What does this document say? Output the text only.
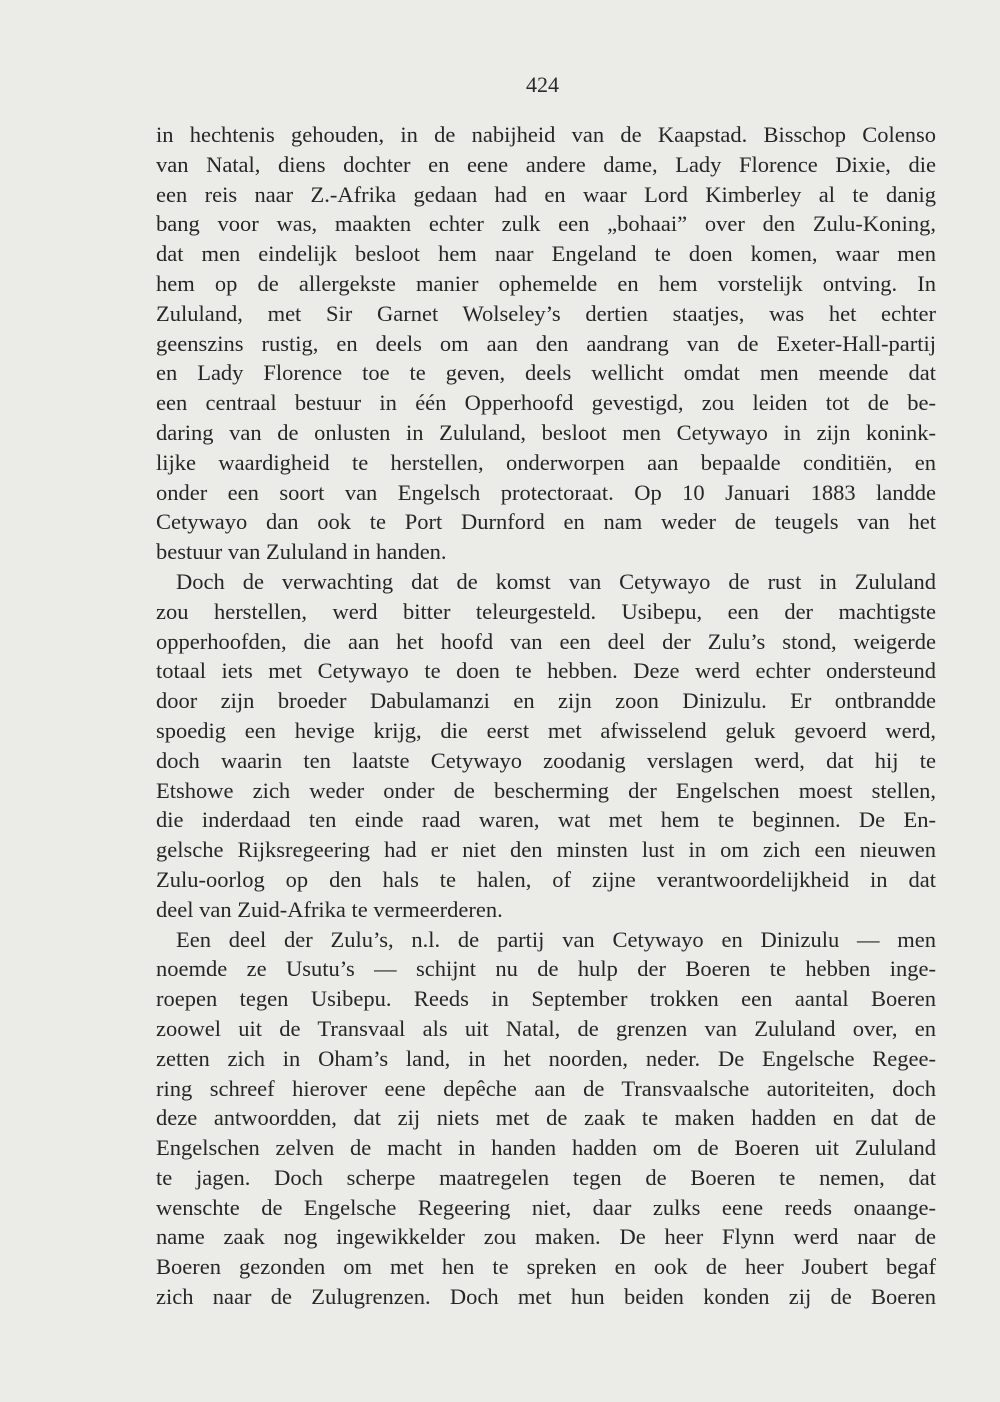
424
in hechtenis gehouden, in de nabijheid van de Kaapstad. Bisschop Colenso
van Natal, diens dochter en eene andere dame, Lady Florence Dixie, die
een reis naar Z.-Afrika gedaan had en waar Lord Kimberley al te danig
bang voor was, maakten echter zulk een „bohaai” over den Zulu-Koning,
dat men eindelijk besloot hem naar Engeland te doen komen, waar men
hem op de allergekste manier ophemelde en hem vorstelijk ontving. In
Zululand, met Sir Garnet Wolseley’s dertien staatjes, was het echter
geenszins rustig, en deels om aan den aandrang van de Exeter-Hall-partij
en Lady Florence toe te geven, deels wellicht omdat men meende dat
een centraal bestuur in één Opperhoofd gevestigd, zou leiden tot de be-
daring van de onlusten in Zululand, besloot men Cetywayo in zijn konink-
lijke waardigheid te herstellen, onderworpen aan bepaalde conditiën, en
onder een soort van Engelsch protectoraat. Op 10 Januari 1883 landde
Cetywayo dan ook te Port Durnford en nam weder de teugels van het
bestuur van Zululand in handen.
Doch de verwachting dat de komst van Cetywayo de rust in Zululand
zou herstellen, werd bitter teleurgesteld. Usibepu, een der machtigste
opperhoofden, die aan het hoofd van een deel der Zulu’s stond, weigerde
totaal iets met Cetywayo te doen te hebben. Deze werd echter ondersteund
door zijn broeder Dabulamanzi en zijn zoon Dinizulu. Er ontbrandde
spoedig een hevige krijg, die eerst met afwisselend geluk gevoerd werd,
doch waarin ten laatste Cetywayo zoodanig verslagen werd, dat hij te
Etshowe zich weder onder de bescherming der Engelschen moest stellen,
die inderdaad ten einde raad waren, wat met hem te beginnen. De En-
gelsche Rijksregeering had er niet den minsten lust in om zich een nieuwen
Zulu-oorlog op den hals te halen, of zijne verantwoordelijkheid in dat
deel van Zuid-Afrika te vermeerderen.
Een deel der Zulu’s, n.l. de partij van Cetywayo en Dinizulu — men
noemde ze Usutu’s — schijnt nu de hulp der Boeren te hebben inge-
roepen tegen Usibepu. Reeds in September trokken een aantal Boeren
zoowel uit de Transvaal als uit Natal, de grenzen van Zululand over, en
zetten zich in Oham’s land, in het noorden, neder. De Engelsche Regee-
ring schreef hierover eene depêche aan de Transvaalsche autoriteiten, doch
deze antwoordden, dat zij niets met de zaak te maken hadden en dat de
Engelschen zelven de macht in handen hadden om de Boeren uit Zululand
te jagen. Doch scherpe maatregelen tegen de Boeren te nemen, dat
wenschte de Engelsche Regeering niet, daar zulks eene reeds onaange-
name zaak nog ingewikkelder zou maken. De heer Flynn werd naar de
Boeren gezonden om met hen te spreken en ook de heer Joubert begaf
zich naar de Zulugrenzen. Doch met hun beiden konden zij de Boeren
